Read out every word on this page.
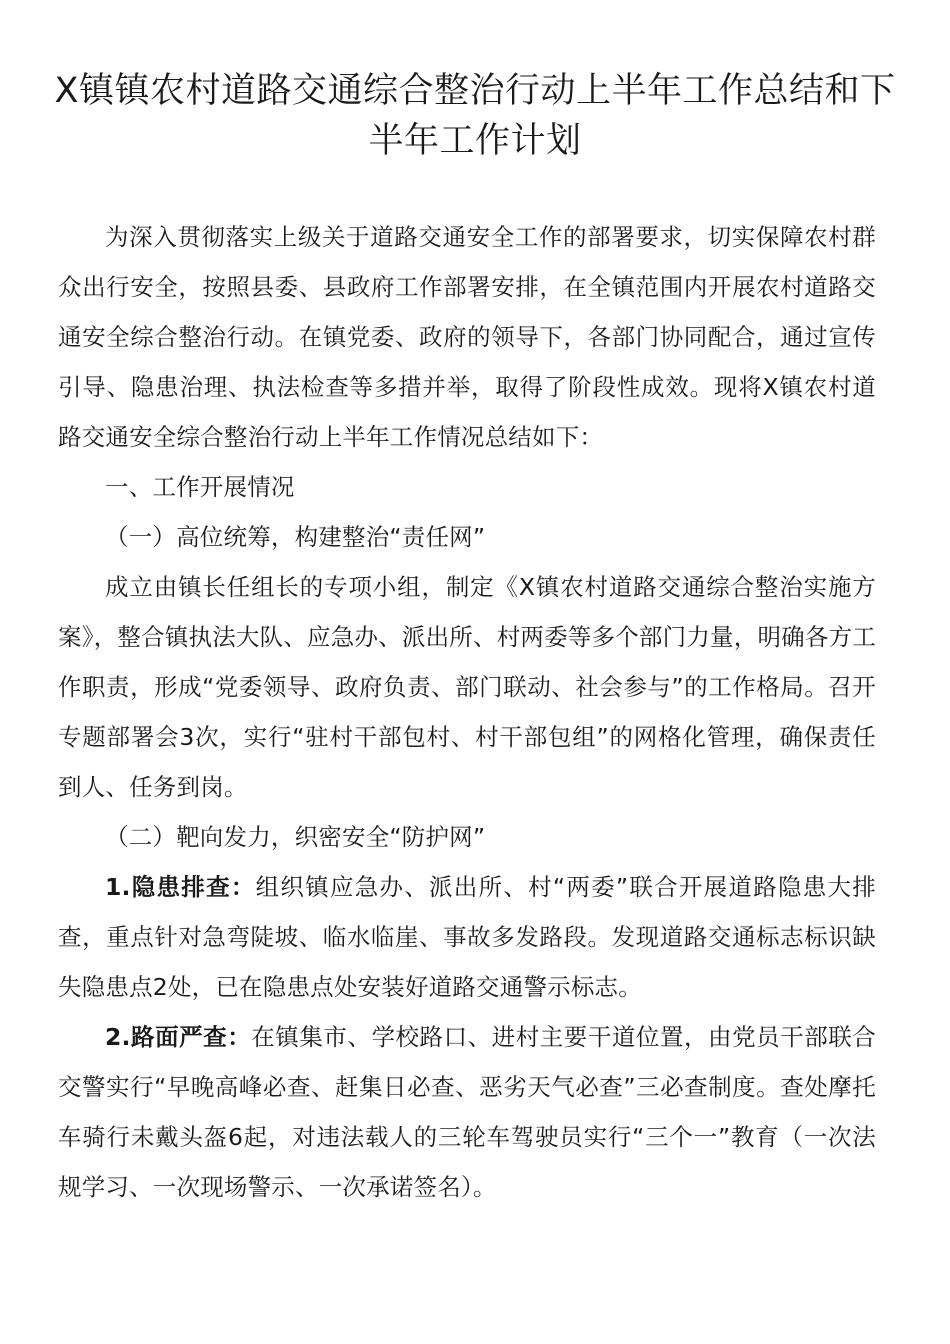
X镇镇农村道路交通综合整治行动上半年工作总结和下半年工作计划

为深入贯彻落实上级关于道路交通安全工作的部署要求，切实保障农村群众出行安全，按照县委、县政府工作部署安排，在全镇范围内开展农村道路交通安全综合整治行动。在镇党委、政府的领导下，各部门协同配合，通过宣传引导、隐患治理、执法检查等多措并举，取得了阶段性成效。现将X镇农村道路交通安全综合整治行动上半年工作情况总结如下：

一、工作开展情况

（一）高位统筹，构建整治“责任网”

成立由镇长任组长的专项小组，制定《X镇农村道路交通综合整治实施方案》，整合镇执法大队、应急办、派出所、村两委等多个部门力量，明确各方工作职责，形成“党委领导、政府负责、部门联动、社会参与”的工作格局。召开专题部署会3次，实行“驻村干部包村、村干部包组”的网格化管理，确保责任到人、任务到岗。

（二）靶向发力，织密安全“防护网”

1.隐患排查：组织镇应急办、派出所、村“两委”联合开展道路隐患大排查，重点针对急弯陡坡、临水临崖、事故多发路段。发现道路交通标志标识缺失隐患点2处，已在隐患点处安装好道路交通警示标志。

2.路面严查：在镇集市、学校路口、进村主要干道位置，由党员干部联合交警实行“早晚高峰必查、赶集日必查、恶劣天气必查”三必查制度。查处摩托车骑行未戴头盔6起，对违法载人的三轮车驾驶员实行“三个一”教育（一次法规学习、一次现场警示、一次承诺签名）。
